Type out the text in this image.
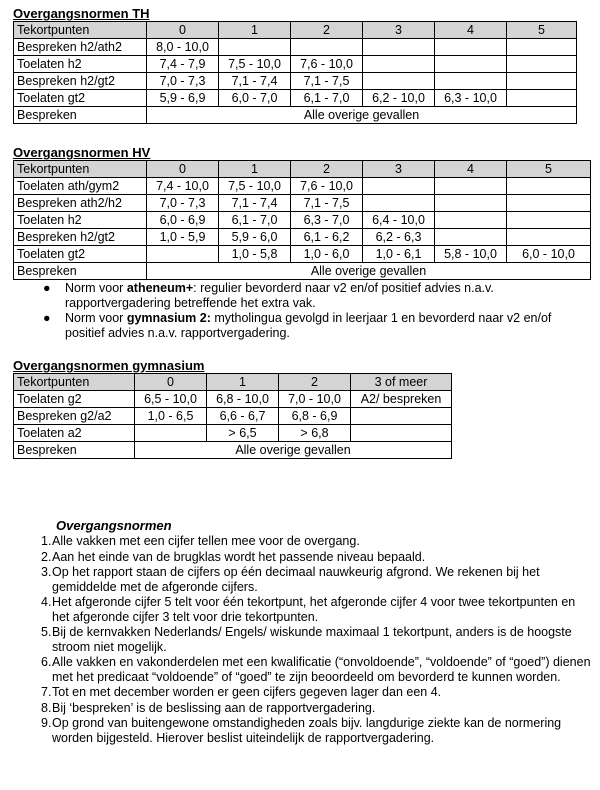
Overgangsnormen TH
Tekortpunten	0	1	2	3	4	5
Bespreken h2/ath2	8,0 - 10,0					
Toelaten h2	7,4 - 7,9	7,5 - 10,0	7,6 - 10,0			
Bespreken h2/gt2	7,0 - 7,3	7,1 - 7,4	7,1 - 7,5			
Toelaten gt2	5,9 - 6,9	6,0 - 7,0	6,1 - 7,0	6,2 - 10,0	6,3 - 10,0	
Bespreken	Alle overige gevallen					
Overgangsnormen HV
Tekortpunten	0	1	2	3	4	5
Toelaten ath/gym2	7,4 - 10,0	7,5 - 10,0	7,6 - 10,0			
Bespreken ath2/h2	7,0 - 7,3	7,1 - 7,4	7,1 - 7,5			
Toelaten h2	6,0 - 6,9	6,1 - 7,0	6,3 - 7,0	6,4 - 10,0		
Bespreken h2/gt2	1,0 - 5,9	5,9 - 6,0	6,1 - 6,2	6,2 - 6,3		
Toelaten gt2		1,0 - 5,8	1,0 - 6,0	1,0 - 6,1	5,8 - 10,0	6,0 - 10,0
Bespreken	Alle overige gevallen					
● Norm voor atheneum+: regulier bevorderd naar v2 en/of positief advies n.a.v. rapportvergadering betreffende het extra vak.
● Norm voor gymnasium 2: mytholingua gevolgd in leerjaar 1 en bevorderd naar v2 en/of positief advies n.a.v. rapportvergadering.
Overgangsnormen gymnasium
Tekortpunten	0	1	2	3 of meer
Toelaten g2	6,5 - 10,0	6,8 - 10,0	7,0 - 10,0	A2/ bespreken
Bespreken g2/a2	1,0 - 6,5	6,6 - 6,7	6,8 - 6,9	
Toelaten a2		> 6,5	> 6,8	
Bespreken	Alle overige gevallen			
Overgangsnormen
1. Alle vakken met een cijfer tellen mee voor de overgang.
2. Aan het einde van de brugklas wordt het passende niveau bepaald.
3. Op het rapport staan de cijfers op één decimaal nauwkeurig afgrond. We rekenen bij het gemiddelde met de afgeronde cijfers.
4. Het afgeronde cijfer 5 telt voor één tekortpunt, het afgeronde cijfer 4 voor twee tekortpunten en het afgeronde cijfer 3 telt voor drie tekortpunten.
5. Bij de kernvakken Nederlands/ Engels/ wiskunde maximaal 1 tekortpunt, anders is de hoogste stroom niet mogelijk.
6. Alle vakken en vakonderdelen met een kwalificatie (“onvoldoende”, “voldoende” of “goed”) dienen met het predicaat “voldoende” of “goed” te zijn beoordeeld om bevorderd te kunnen worden.
7. Tot en met december worden er geen cijfers gegeven lager dan een 4.
8. Bij ‘bespreken’ is de beslissing aan de rapportvergadering.
9. Op grond van buitengewone omstandigheden zoals bijv. langdurige ziekte kan de normering worden bijgesteld. Hierover beslist uiteindelijk de rapportvergadering.
